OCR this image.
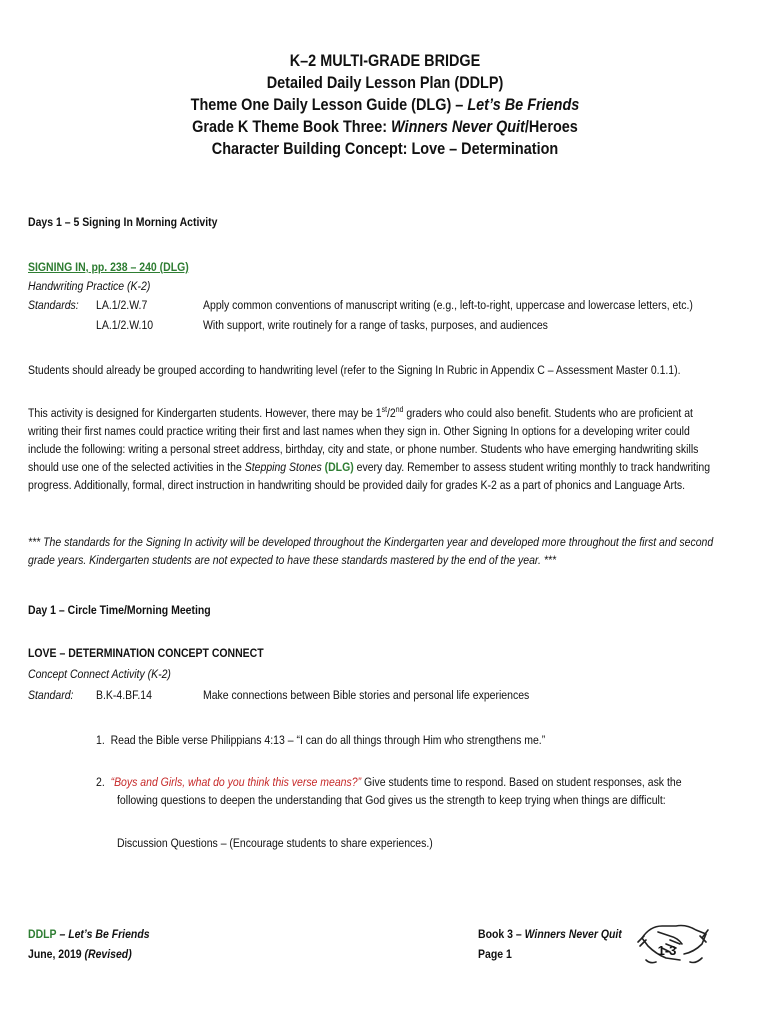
K–2 MULTI-GRADE BRIDGE
Detailed Daily Lesson Plan (DDLP)
Theme One Daily Lesson Guide (DLG) – Let’s Be Friends
Grade K Theme Book Three: Winners Never Quit/Heroes
Character Building Concept: Love – Determination
Days 1 – 5 Signing In Morning Activity
SIGNING IN, pp. 238 – 240 (DLG)
Handwriting Practice (K-2)
Standards: LA.1/2.W.7	Apply common conventions of manuscript writing (e.g., left-to-right, uppercase and lowercase letters, etc.)
LA.1/2.W.10	With support, write routinely for a range of tasks, purposes, and audiences
Students should already be grouped according to handwriting level (refer to the Signing In Rubric in Appendix C – Assessment Master 0.1.1).
This activity is designed for Kindergarten students. However, there may be 1st/2nd graders who could also benefit. Students who are proficient at
writing their first names could practice writing their first and last names when they sign in. Other Signing In options for a developing writer could
include the following: writing a personal street address, birthday, city and state, or phone number. Students who have emerging handwriting skills
should use one of the selected activities in the Stepping Stones (DLG) every day. Remember to assess student writing monthly to track handwriting
progress. Additionally, formal, direct instruction in handwriting should be provided daily for grades K-2 as a part of phonics and Language Arts.
*** The standards for the Signing In activity will be developed throughout the Kindergarten year and developed more throughout the first and second
grade years. Kindergarten students are not expected to have these standards mastered by the end of the year. ***
Day 1 – Circle Time/Morning Meeting
LOVE – DETERMINATION CONCEPT CONNECT
Concept Connect Activity (K-2)
Standard: B.K-4.BF.14	Make connections between Bible stories and personal life experiences
1. Read the Bible verse Philippians 4:13 – “I can do all things through Him who strengthens me.”
2. “Boys and Girls, what do you think this verse means?” Give students time to respond. Based on student responses, ask the
following questions to deepen the understanding that God gives us the strength to keep trying when things are difficult:
Discussion Questions – (Encourage students to share experiences.)
DDLP – Let’s Be Friends
June, 2019 (Revised)
Book 3 – Winners Never Quit
Page 1	1-3
